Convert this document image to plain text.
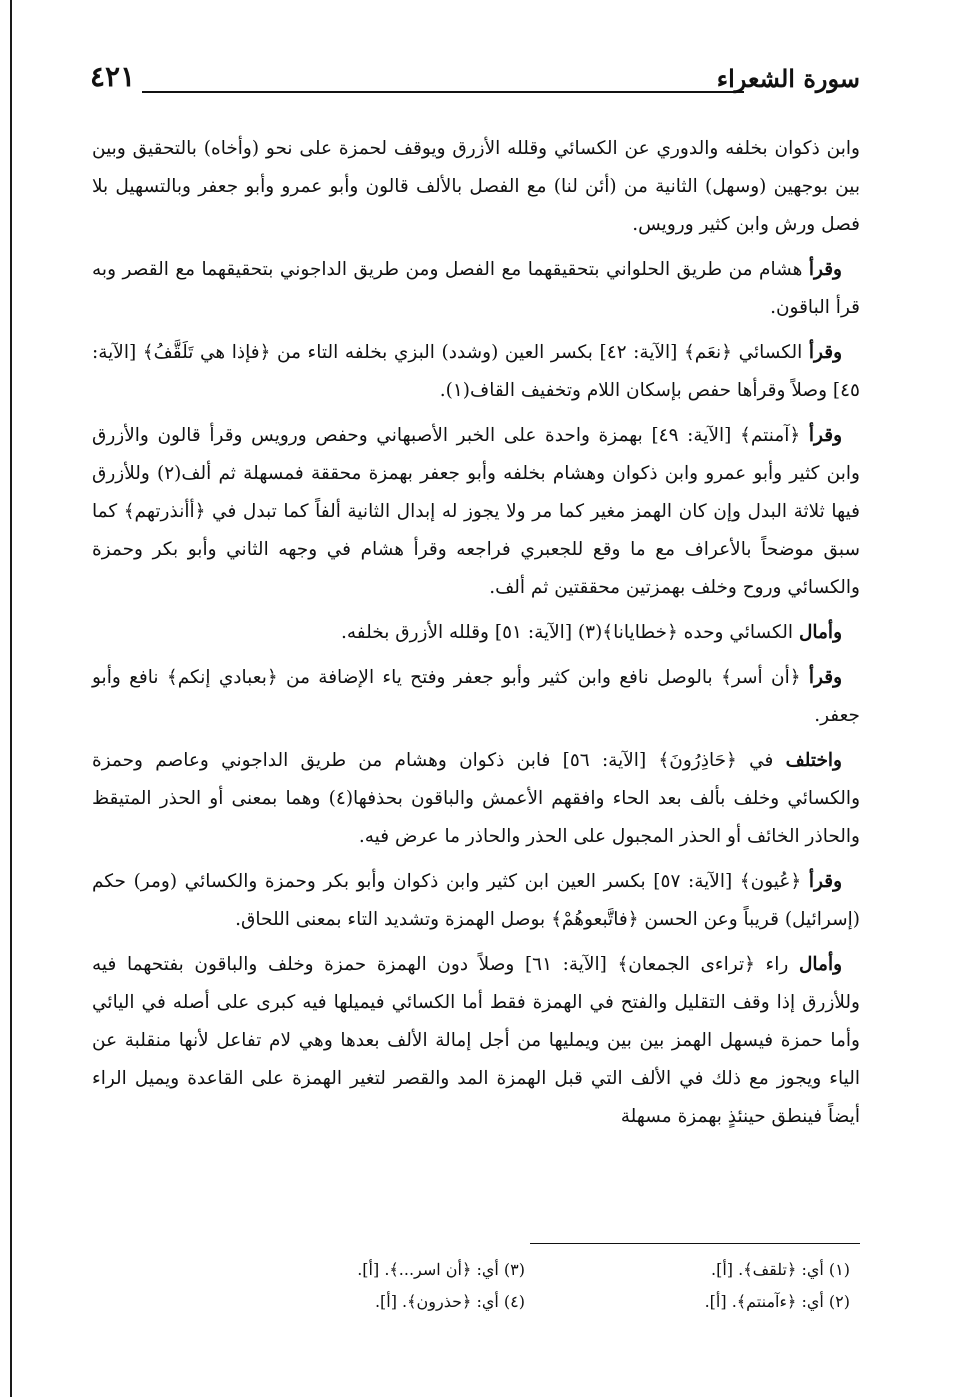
سورة الشعراء
٤٢١

وابن ذكوان بخلفه والدوري عن الكسائي وقلله الأزرق ويوقف لحمزة على نحو (وأخاه) بالتحقيق وبين بين بوجهين (وسهل) الثانية من (أئن لنا) مع الفصل بالألف قالون وأبو عمرو وأبو جعفر وبالتسهيل بلا فصل ورش وابن كثير ورويس.

وقرأ هشام من طريق الحلواني بتحقيقهما مع الفصل ومن طريق الداجوني بتحقيقهما مع القصر وبه قرأ الباقون.

وقرأ الكسائي ﴿نعَم﴾ [الآية: ٤٢] بكسر العين (وشدد) البزي بخلفه التاء من ﴿فإذا هي تَلَقَّفُ﴾ [الآية: ٤٥] وصلاً وقرأها حفص بإسكان اللام وتخفيف القاف(١).

وقرأ ﴿آمنتم﴾ [الآية: ٤٩] بهمزة واحدة على الخبر الأصبهاني وحفص ورويس وقرأ قالون والأزرق وابن كثير وأبو عمرو وابن ذكوان وهشام بخلفه وأبو جعفر بهمزة محققة فمسهلة ثم ألف(٢) وللأزرق فيها ثلاثة البدل وإن كان الهمز مغير كما مر ولا يجوز له إبدال الثانية ألفاً كما تبدل في ﴿أأنذرتهم﴾ كما سبق موضحاً بالأعراف مع ما وقع للجعبري فراجعه وقرأ هشام في وجهه الثاني وأبو بكر وحمزة والكسائي وروح وخلف بهمزتين محققتين ثم ألف.

وأمال الكسائي وحده ﴿خطايانا﴾(٣) [الآية: ٥١] وقلله الأزرق بخلفه.

وقرأ ﴿أن أسر﴾ بالوصل نافع وابن كثير وأبو جعفر وفتح ياء الإضافة من ﴿بعبادي إنكم﴾ نافع وأبو جعفر.

واختلف في ﴿حَاذِرُونَ﴾ [الآية: ٥٦] فابن ذكوان وهشام من طريق الداجوني وعاصم وحمزة والكسائي وخلف بألف بعد الحاء وافقهم الأعمش والباقون بحذفها(٤) وهما بمعنى أو الحذر المتيقظ والحاذر الخائف أو الحذر المجبول على الحذر والحاذر ما عرض فيه.

وقرأ ﴿عُيون﴾ [الآية: ٥٧] بكسر العين ابن كثير وابن ذكوان وأبو بكر وحمزة والكسائي (ومر) حكم (إسرائيل) قريباً وعن الحسن ﴿فاتَّبعوهُمْ﴾ بوصل الهمزة وتشديد التاء بمعنى اللحاق.

وأمال راء ﴿تراءى الجمعان﴾ [الآية: ٦١] وصلاً دون الهمزة حمزة وخلف والباقون بفتحهما فيه وللأزرق إذا وقف التقليل والفتح في الهمزة فقط أما الكسائي فيميلها فيه كبرى على أصله في اليائي وأما حمزة فيسهل الهمز بين بين ويمليها من أجل إمالة الألف بعدها وهي لام تفاعل لأنها منقلبة عن الياء ويجوز مع ذلك في الألف التي قبل الهمزة المد والقصر لتغير الهمزة على القاعدة ويميل الراء أيضاً فينطق حينئذٍ بهمزة مسهلة

(١) أي: ﴿تلقف﴾. [أ].
(٣) أي: ﴿أن اسر...﴾. [أ].
(٢) أي: ﴿ءآمنتم﴾. [أ].
(٤) أي: ﴿حذرون﴾. [أ].
